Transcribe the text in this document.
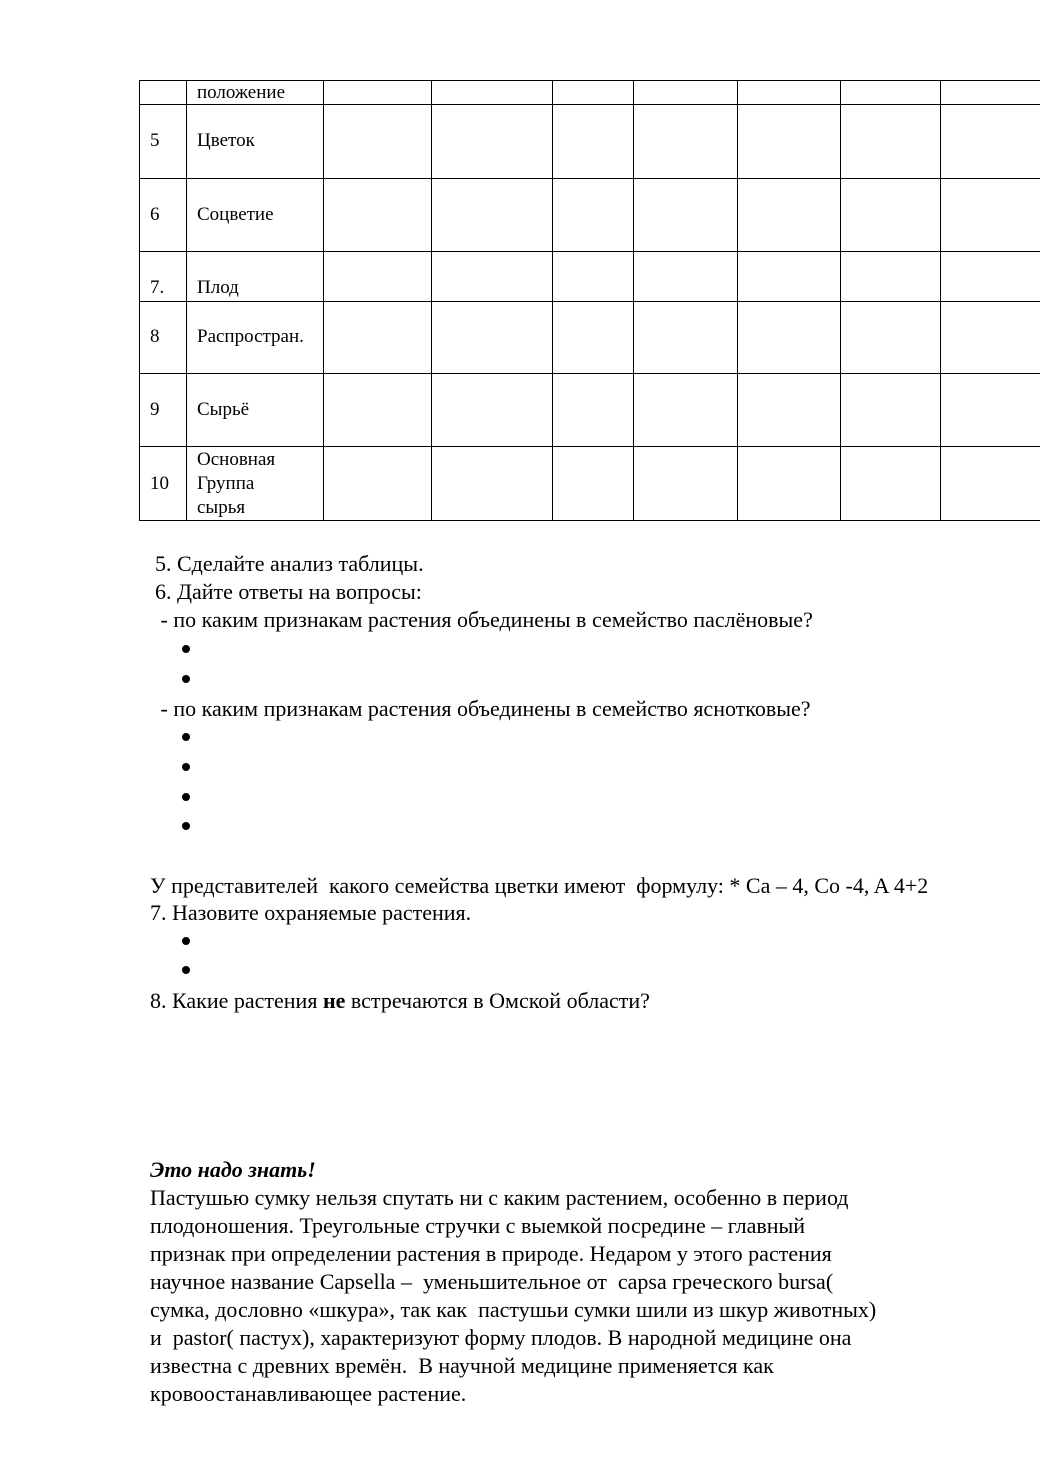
положение
5 Цветок
6 Соцветие
7. Плод
8 Распростран.
9 Сырьё
10
Основная
Группа
сырья
5. Сделайте анализ таблицы.
6. Дайте ответы на вопросы:
- по каким признакам растения объединены в семейство паслёновые?
- по каким признакам растения объединены в семейство яснотковые?
У представителей  какого семейства цветки имеют  формулу: * Ca – 4, Co -4, A 4+2
7. Назовите охраняемые растения.
8. Какие растения не встречаются в Омской области?
Это надо знать!
Пастушью сумку нельзя спутать ни с каким растением, особенно в период
плодоношения. Треугольные стручки с выемкой посредине – главный
признак при определении растения в природе. Недаром у этого растения
научное название Capsella –  уменьшительное от  capsa греческого bursa(
сумка, дословно «шкура», так как  пастушьи сумки шили из шкур животных)
и  pastor( пастух), характеризуют форму плодов. В народной медицине она
известна с древних времён.  В научной медицине применяется как
кровоостанавливающее растение.
